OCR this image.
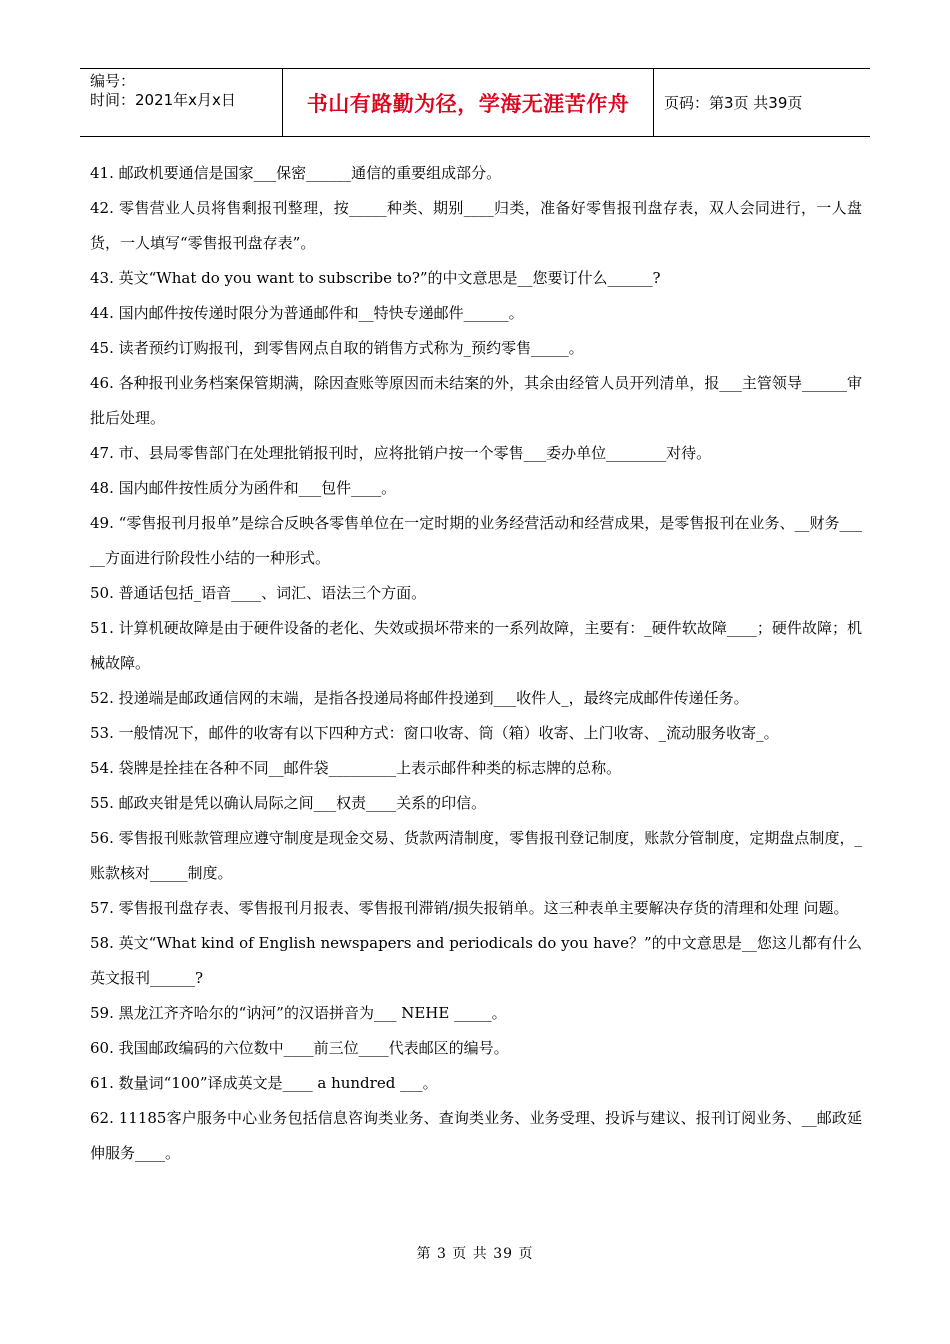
编号：
时间：2021年x月x日	书山有路勤为径，学海无涯苦作舟	页码：第3页 共39页

41. 邮政机要通信是国家___保密______通信的重要组成部分。

42. 零售营业人员将售剩报刊整理，按_____种类、期别____归类，准备好零售报刊盘存表，双人会同进行，一人盘货，一人填写“零售报刊盘存表”。

43. 英文“What do you want to subscribe to?”的中文意思是__您要订什么______?

44. 国内邮件按传递时限分为普通邮件和__特快专递邮件______。

45. 读者预约订购报刊，到零售网点自取的销售方式称为_预约零售_____。

46. 各种报刊业务档案保管期满，除因查账等原因而未结案的外，其余由经管人员开列清单，报___主管领导______审批后处理。

47. 市、县局零售部门在处理批销报刊时，应将批销户按一个零售___委办单位________对待。

48. 国内邮件按性质分为函件和___包件____。

49. “零售报刊月报单”是综合反映各零售单位在一定时期的业务经营活动和经营成果，是零售报刊在业务、__财务_____方面进行阶段性小结的一种形式。

50. 普通话包括_语音____、词汇、语法三个方面。

51. 计算机硬故障是由于硬件设备的老化、失效或损坏带来的一系列故障，主要有：_硬件软故障____；硬件故障；机械故障。

52. 投递端是邮政通信网的末端，是指各投递局将邮件投递到___收件人_，最终完成邮件传递任务。

53. 一般情况下，邮件的收寄有以下四种方式：窗口收寄、筒（箱）收寄、上门收寄、_流动服务收寄_。

54. 袋牌是拴挂在各种不同__邮件袋_________上表示邮件种类的标志牌的总称。

55. 邮政夹钳是凭以确认局际之间___权责____关系的印信。

56. 零售报刊账款管理应遵守制度是现金交易、货款两清制度，零售报刊登记制度，账款分管制度，定期盘点制度，_账款核对_____制度。

57. 零售报刊盘存表、零售报刊月报表、零售报刊滞销/损失报销单。这三种表单主要解决存货的清理和处理 问题。

58. 英文“What kind of English newspapers and periodicals do you have？”的中文意思是__您这儿都有什么英文报刊______?

59. 黑龙江齐齐哈尔的“讷河”的汉语拼音为___ NEHE _____。

60. 我国邮政编码的六位数中____前三位____代表邮区的编号。

61. 数量词“100”译成英文是____ a hundred ___。

62. 11185客户服务中心业务包括信息咨询类业务、查询类业务、业务受理、投诉与建议、报刊订阅业务、__邮政延伸服务____。

第 3 页 共 39 页
